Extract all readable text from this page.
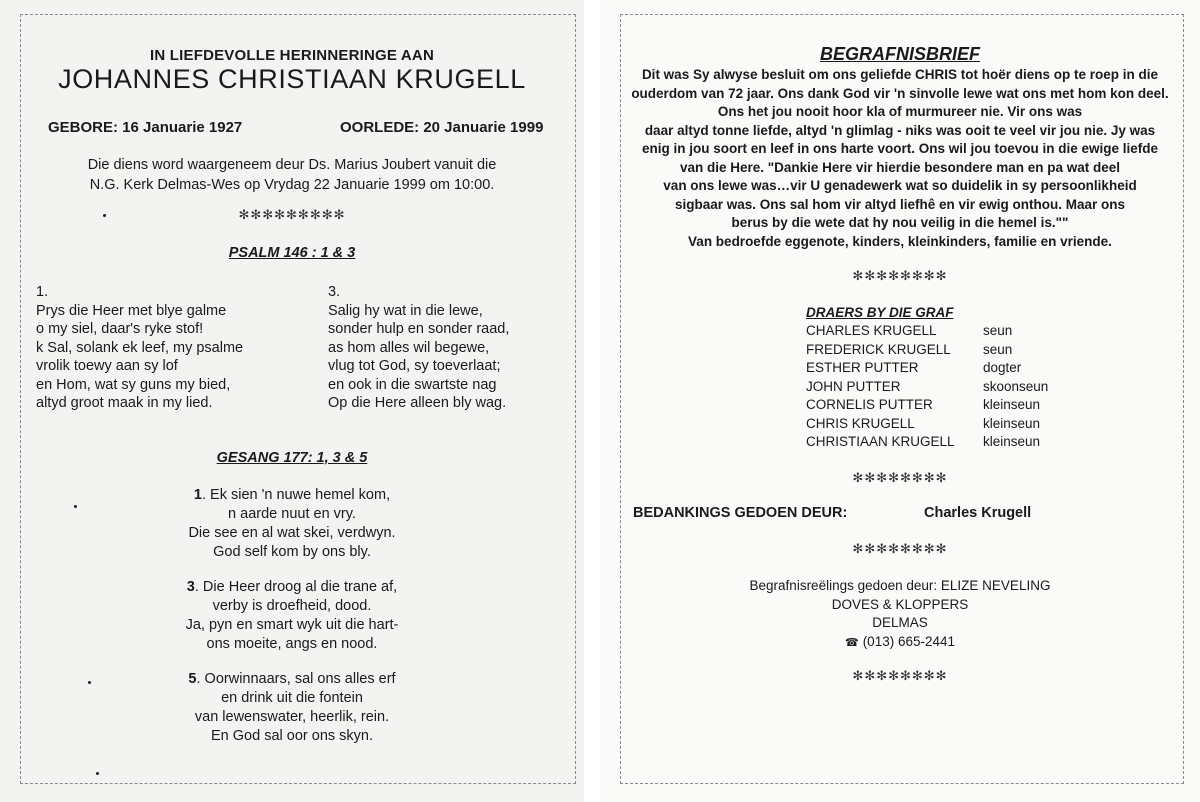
IN LIEFDEVOLLE HERINNERINGE AAN
JOHANNES CHRISTIAAN KRUGELL
GEBORE: 16 Januarie 1927	OORLEDE: 20 Januarie 1999
Die diens word waargeneem deur Ds. Marius Joubert vanuit die
N.G. Kerk Delmas-Wes op Vrydag 22 Januarie 1999 om 10:00.
✻✻✻✻✻✻✻✻✻
PSALM 146 : 1 & 3
1.
Prys die Heer met blye galme
o my siel, daar's ryke stof!
k Sal, solank ek leef, my psalme
vrolik toewy aan sy lof
en Hom, wat sy guns my bied,
altyd groot maak in my lied.
3.
Salig hy wat in die lewe,
sonder hulp en sonder raad,
as hom alles wil begewe,
vlug tot God, sy toeverlaat;
en ook in die swartste nag
Op die Here alleen bly wag.
GESANG 177: 1, 3 & 5
1. Ek sien 'n nuwe hemel kom,
n aarde nuut en vry.
Die see en al wat skei, verdwyn.
God self kom by ons bly.
3. Die Heer droog al die trane af,
verby is droefheid, dood.
Ja, pyn en smart wyk uit die hart-
ons moeite, angs en nood.
5. Oorwinnaars, sal ons alles erf
en drink uit die fontein
van lewenswater, heerlik, rein.
En God sal oor ons skyn.
BEGRAFNISBRIEF
Dit was Sy alwyse besluit om ons geliefde CHRIS tot hoër diens op te roep in die
ouderdom van 72 jaar. Ons dank God vir 'n sinvolle lewe wat ons met hom kon deel.
Ons het jou nooit hoor kla of murmureer nie. Vir ons was
daar altyd tonne liefde, altyd 'n glimlag - niks was ooit te veel vir jou nie. Jy was
enig in jou soort en leef in ons harte voort. Ons wil jou toevou in die ewige liefde
van die Here. "Dankie Here vir hierdie besondere man en pa wat deel
van ons lewe was…vir U genadewerk wat so duidelik in sy persoonlikheid
sigbaar was. Ons sal hom vir altyd liefhê en vir ewig onthou. Maar ons
berus by die wete dat hy nou veilig in die hemel is.""
Van bedroefde eggenote, kinders, kleinkinders, familie en vriende.
✻✻✻✻✻✻✻✻
DRAERS BY DIE GRAF
CHARLES KRUGELL	seun
FREDERICK KRUGELL	seun
ESTHER PUTTER	dogter
JOHN PUTTER	skoonseun
CORNELIS PUTTER	kleinseun
CHRIS KRUGELL	kleinseun
CHRISTIAAN KRUGELL	kleinseun
✻✻✻✻✻✻✻✻
BEDANKINGS GEDOEN DEUR:	Charles Krugell
✻✻✻✻✻✻✻✻
Begrafnisreëlings gedoen deur: ELIZE NEVELING
DOVES & KLOPPERS
DELMAS
☎ (013) 665-2441
✻✻✻✻✻✻✻✻
